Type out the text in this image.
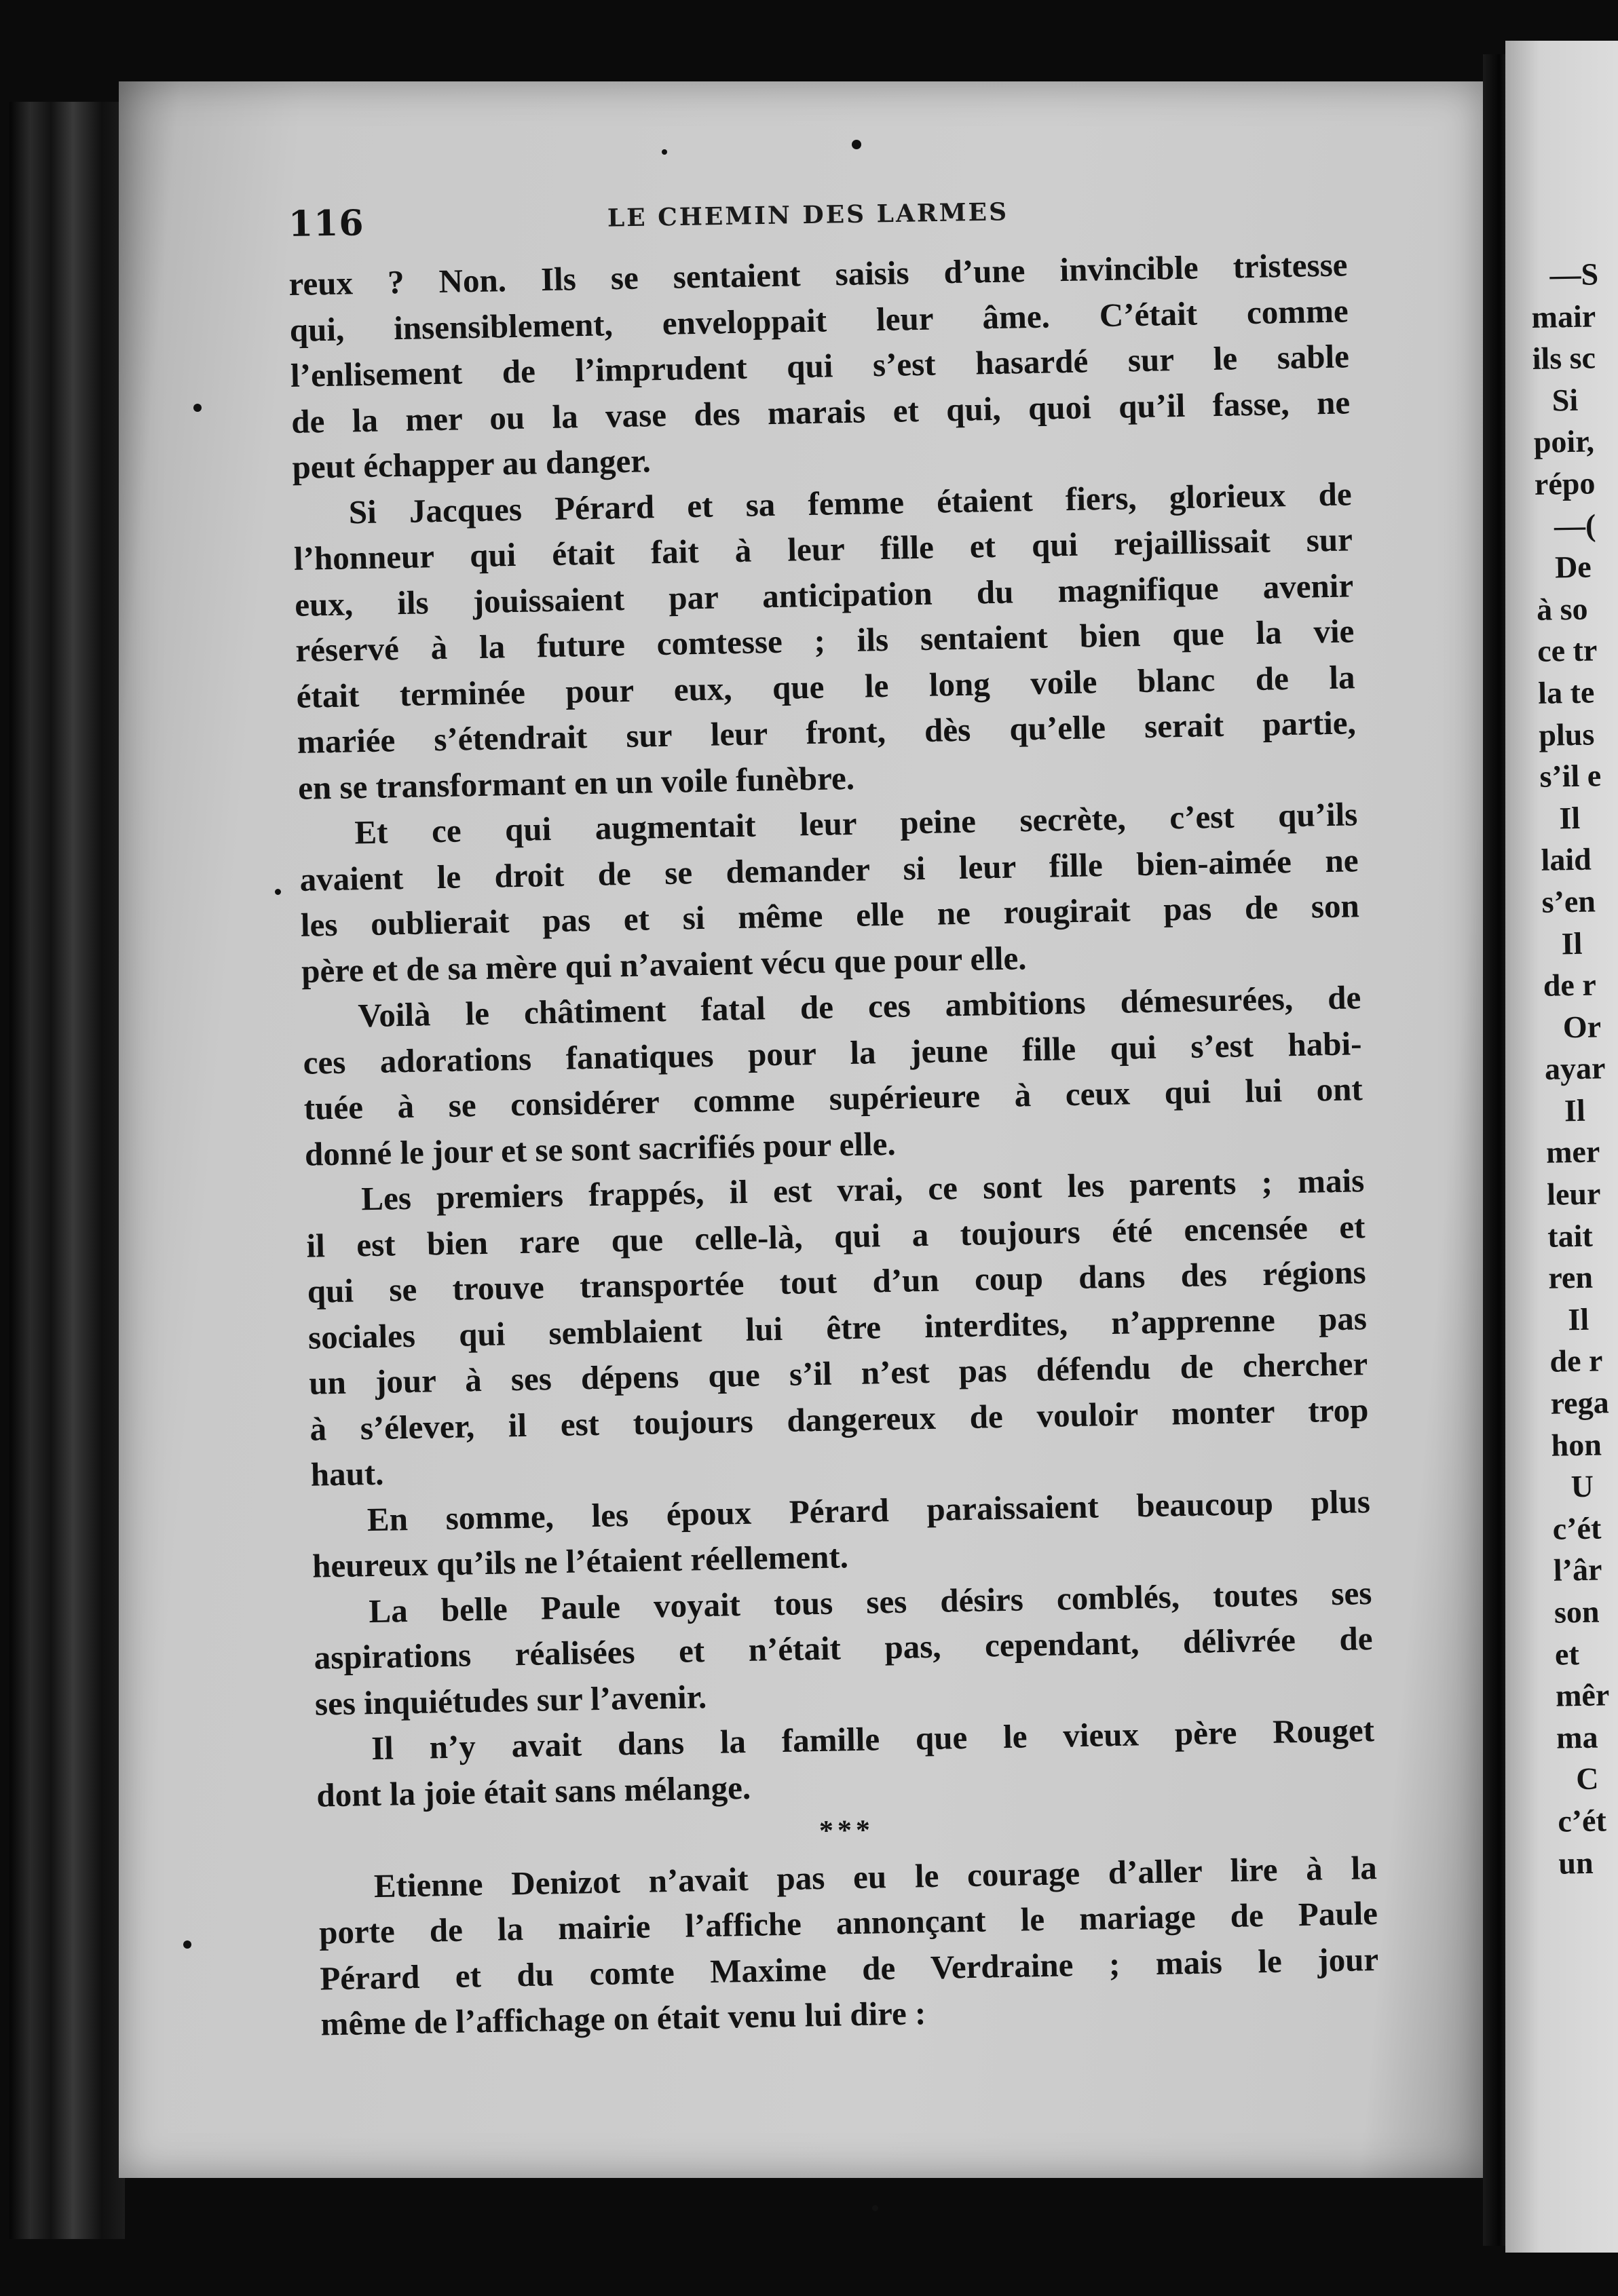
116	LE CHEMIN DES LARMES
reux ? Non. Ils se sentaient saisis d’une invincible tristesse
qui, insensiblement, enveloppait leur âme. C’était comme
l’enlisement de l’imprudent qui s’est hasardé sur le sable
de la mer ou la vase des marais et qui, quoi qu’il fasse, ne
peut échapper au danger.
Si Jacques Pérard et sa femme étaient fiers, glorieux de
l’honneur qui était fait à leur fille et qui rejaillissait sur
eux, ils jouissaient par anticipation du magnifique avenir
réservé à la future comtesse ; ils sentaient bien que la vie
était terminée pour eux, que le long voile blanc de la
mariée s’étendrait sur leur front, dès qu’elle serait partie,
en se transformant en un voile funèbre.
Et ce qui augmentait leur peine secrète, c’est qu’ils
avaient le droit de se demander si leur fille bien-aimée ne
les oublierait pas et si même elle ne rougirait pas de son
père et de sa mère qui n’avaient vécu que pour elle.
Voilà le châtiment fatal de ces ambitions démesurées, de
ces adorations fanatiques pour la jeune fille qui s’est habi-
tuée à se considérer comme supérieure à ceux qui lui ont
donné le jour et se sont sacrifiés pour elle.
Les premiers frappés, il est vrai, ce sont les parents ; mais
il est bien rare que celle-là, qui a toujours été encensée et
qui se trouve transportée tout d’un coup dans des régions
sociales qui semblaient lui être interdites, n’apprenne pas
un jour à ses dépens que s’il n’est pas défendu de chercher
à s’élever, il est toujours dangereux de vouloir monter trop
haut.
En somme, les époux Pérard paraissaient beaucoup plus
heureux qu’ils ne l’étaient réellement.
La belle Paule voyait tous ses désirs comblés, toutes ses
aspirations réalisées et n’était pas, cependant, délivrée de
ses inquiétudes sur l’avenir.
Il n’y avait dans la famille que le vieux père Rouget
dont la joie était sans mélange.
***
Etienne Denizot n’avait pas eu le courage d’aller lire à la
porte de la mairie l’affiche annonçant le mariage de Paule
Pérard et du comte Maxime de Verdraine ; mais le jour
même de l’affichage on était venu lui dire :
—S
mair
ils sc
Si
poir,
répo
—(
De
à so
ce tr
la te
plus
s’il e
Il
laid
s’en
Il
de r
Or
ayar
Il
mer
leur
tait
ren
Il
de r
rega
hon
U
c’ét
l’âr
son
et
mêr
ma
C
c’ét
un
